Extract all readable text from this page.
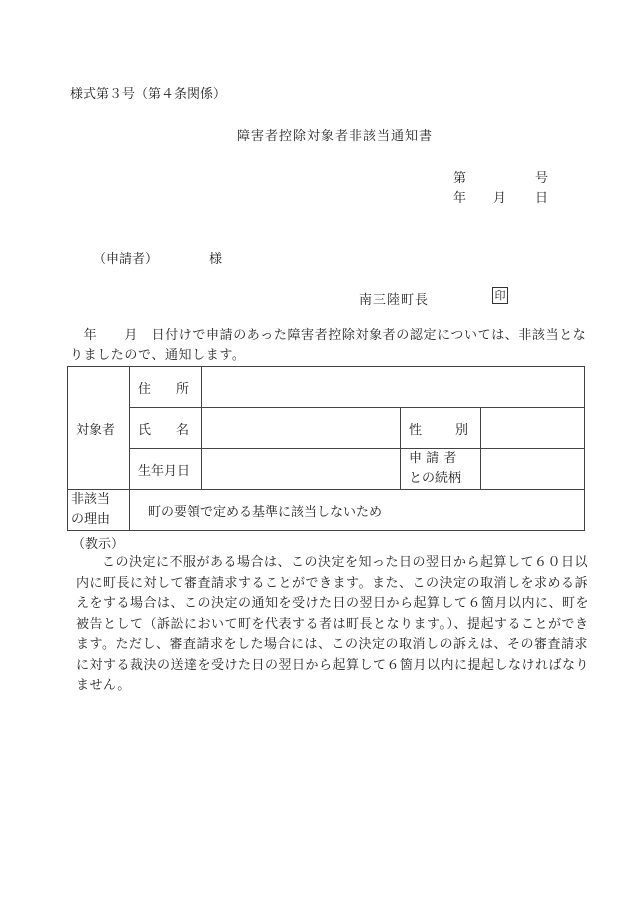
様式第３号（第４条関係）
障害者控除対象者非該当通知書
第	号
年 月 日
（申請者）	様
南三陸町長	印
　年　　月　日付けで申請のあった障害者控除対象者の認定については、非該当となりましたので、通知します。
対象者	住 所			

	氏 名		性 別	

	生年月日		申 請 者
との続柄	

非該当
の理由	町の要領で定める基準に該当しないため			
（教示）
この決定に不服がある場合は、この決定を知った日の翌日から起算して６０日以内に町長に対して審査請求することができます。また、この決定の取消しを求める訴えをする場合は、この決定の通知を受けた日の翌日から起算して６箇月以内に、町を被告として（訴訟において町を代表する者は町長となります。）、提起することができます。ただし、審査請求をした場合には、この決定の取消しの訴えは、その審査請求に対する裁決の送達を受けた日の翌日から起算して６箇月以内に提起しなければなりません。
